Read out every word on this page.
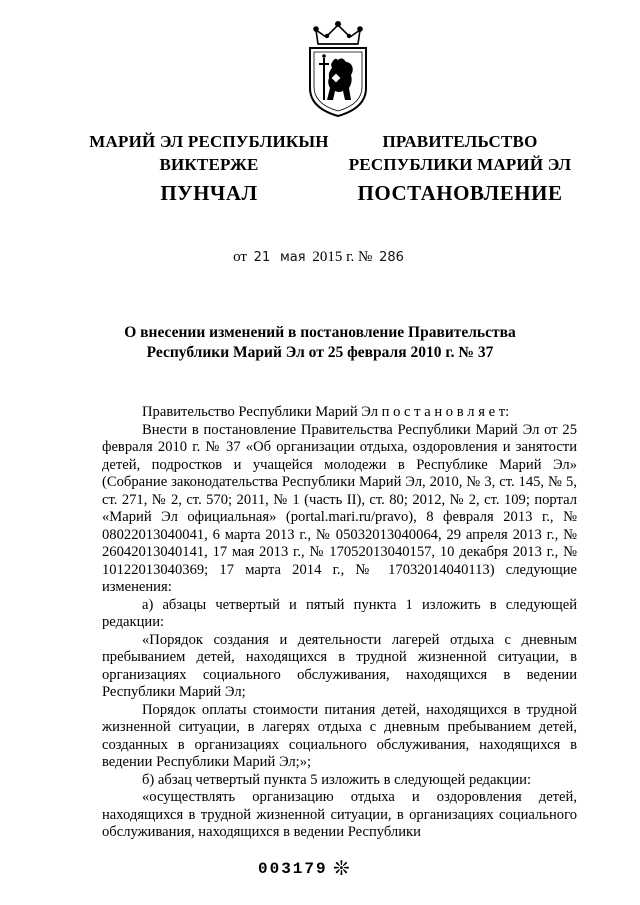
МАРИЙ ЭЛ РЕСПУБЛИКЫН
ВИКТЕРЖЕ
ПУНЧАЛ
ПРАВИТЕЛЬСТВО
РЕСПУБЛИКИ МАРИЙ ЭЛ
ПОСТАНОВЛЕНИЕ
от 21 мая 2015 г. № 286
О внесении изменений в постановление Правительства
Республики Марий Эл от 25 февраля 2010 г. № 37

Правительство Республики Марий Эл п о с т а н о в л я е т:

Внести в постановление Правительства Республики Марий Эл от 25 февраля 2010 г. № 37 «Об организации отдыха, оздоровления и занятости детей, подростков и учащейся молодежи в Республике Марий Эл» (Собрание законодательства Республики Марий Эл, 2010, № 3, ст. 145, № 5, ст. 271, № 2, ст. 570; 2011, № 1 (часть II), ст. 80; 2012, № 2, ст. 109; портал «Марий Эл официальная» (portal.mari.ru/pravo), 8 февраля 2013 г., № 08022013040041, 6 марта 2013 г., № 05032013040064, 29 апреля 2013 г., № 26042013040141, 17 мая 2013 г., № 17052013040157, 10 декабря 2013 г., № 10122013040369; 17 марта 2014 г., № 17032014040113) следующие изменения:

а) абзацы четвертый и пятый пункта 1 изложить в следующей редакции:

«Порядок создания и деятельности лагерей отдыха с дневным пребыванием детей, находящихся в трудной жизненной ситуации, в организациях социального обслуживания, находящихся в ведении Республики Марий Эл;

Порядок оплаты стоимости питания детей, находящихся в трудной жизненной ситуации, в лагерях отдыха с дневным пребыванием детей, созданных в организациях социального обслуживания, находящихся в ведении Республики Марий Эл;»;

б) абзац четвертый пункта 5 изложить в следующей редакции:

«осуществлять организацию отдыха и оздоровления детей, находящихся в трудной жизненной ситуации, в организациях социального обслуживания, находящихся в ведении Республики

003179 ❊
